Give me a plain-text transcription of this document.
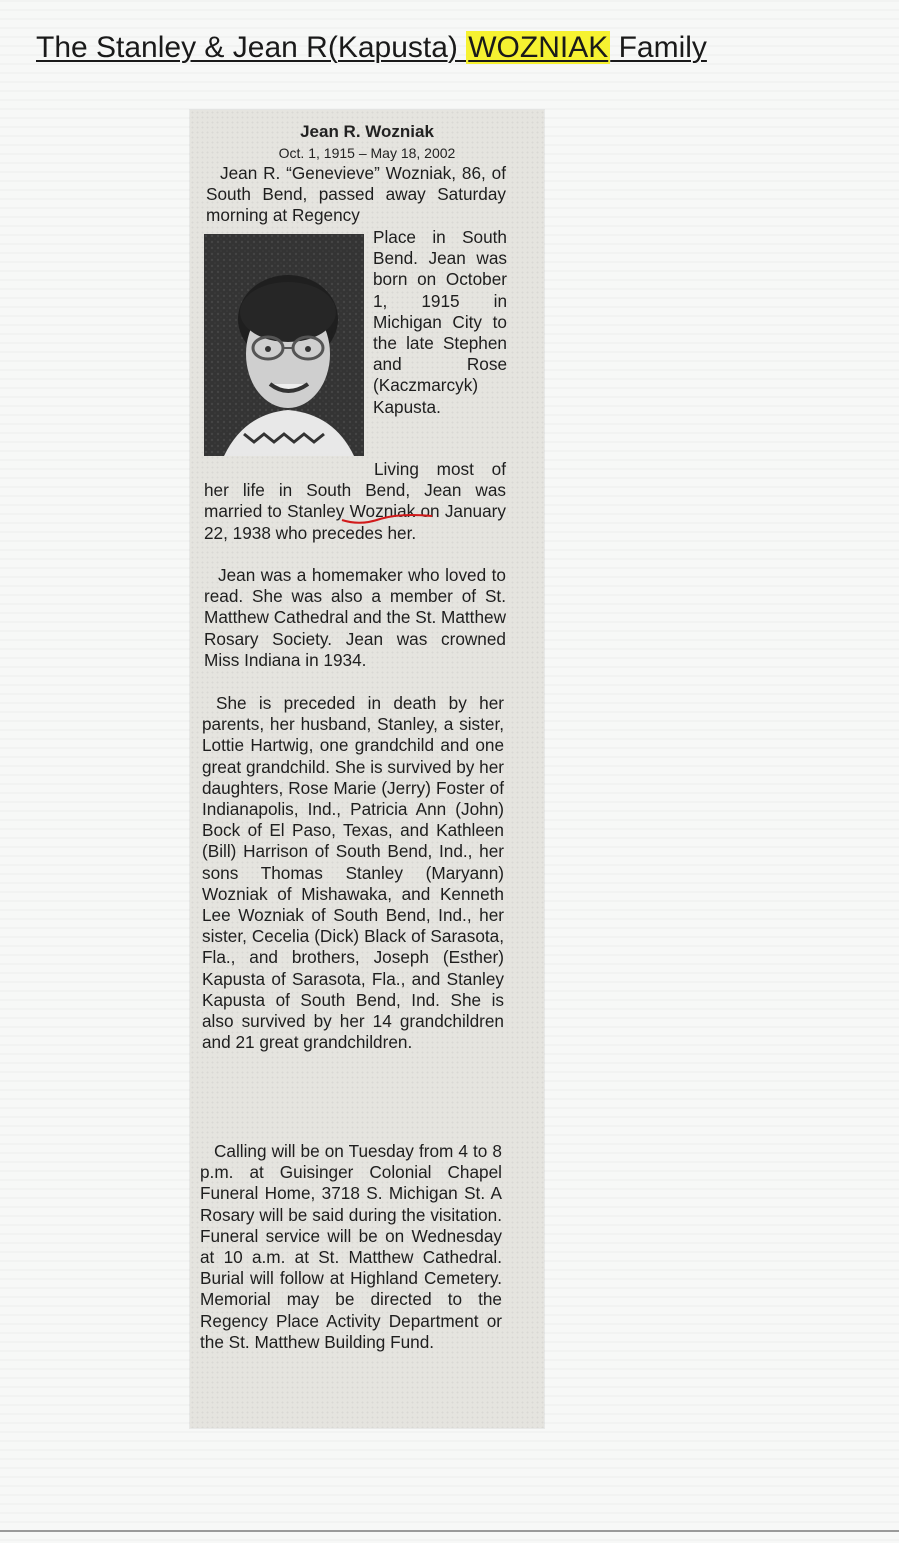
The Stanley & Jean R(Kapusta) WOZNIAK Family
Jean R. Wozniak
Oct. 1, 1915 – May 18, 2002
Jean R. “Genevieve” Wozniak, 86, of South Bend, passed away Saturday morning at Regency
Place in South Bend. Jean was born on October 1, 1915 in Michigan City to the late Stephen and Rose (Kaczmarcyk) Kapusta.
Living most of her life in South Bend, Jean was married to Stanley Wozniak on January 22, 1938 who precedes her.
Jean was a homemaker who loved to read. She was also a member of St. Matthew Cathedral and the St. Matthew Rosary Society. Jean was crowned Miss Indiana in 1934.
She is preceded in death by her parents, her husband, Stanley, a sister, Lottie Hartwig, one grandchild and one great grandchild. She is survived by her daughters, Rose Marie (Jerry) Foster of Indianapolis, Ind., Patricia Ann (John) Bock of El Paso, Texas, and Kathleen (Bill) Harrison of South Bend, Ind., her sons Thomas Stanley (Maryann) Wozniak of Mishawaka, and Kenneth Lee Wozniak of South Bend, Ind., her sister, Cecelia (Dick) Black of Sarasota, Fla., and brothers, Joseph (Esther) Kapusta of Sarasota, Fla., and Stanley Kapusta of South Bend, Ind. She is also survived by her 14 grandchildren and 21 great grandchildren.
Calling will be on Tuesday from 4 to 8 p.m. at Guisinger Colonial Chapel Funeral Home, 3718 S. Michigan St. A Rosary will be said during the visitation. Funeral service will be on Wednesday at 10 a.m. at St. Matthew Cathedral. Burial will follow at Highland Cemetery. Memorial may be directed to the Regency Place Activity Department or the St. Matthew Building Fund.
